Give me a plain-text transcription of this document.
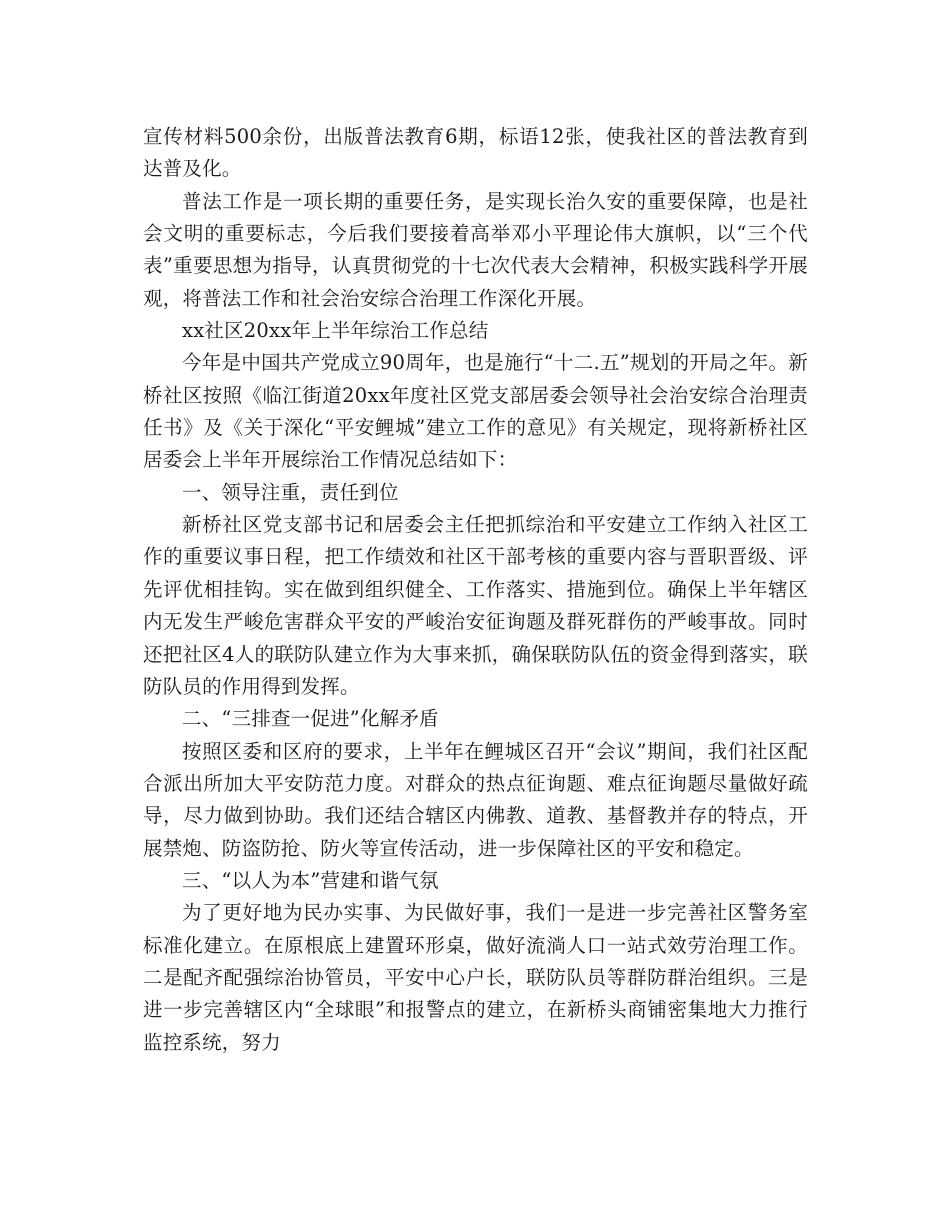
宣传材料500余份，出版普法教育6期，标语12张，使我社区的普法教育到达普及化。

普法工作是一项长期的重要任务，是实现长治久安的重要保障，也是社会文明的重要标志，今后我们要接着高举邓小平理论伟大旗帜，以“三个代表”重要思想为指导，认真贯彻党的十七次代表大会精神，积极实践科学开展观，将普法工作和社会治安综合治理工作深化开展。

xx社区20xx年上半年综治工作总结

今年是中国共产党成立90周年，也是施行“十二.五”规划的开局之年。新桥社区按照《临江街道20xx年度社区党支部居委会领导社会治安综合治理责任书》及《关于深化“平安鲤城”建立工作的意见》有关规定，现将新桥社区居委会上半年开展综治工作情况总结如下：

一、领导注重，责任到位

新桥社区党支部书记和居委会主任把抓综治和平安建立工作纳入社区工作的重要议事日程，把工作绩效和社区干部考核的重要内容与晋职晋级、评先评优相挂钩。实在做到组织健全、工作落实、措施到位。确保上半年辖区内无发生严峻危害群众平安的严峻治安征询题及群死群伤的严峻事故。同时还把社区4人的联防队建立作为大事来抓，确保联防队伍的资金得到落实，联防队员的作用得到发挥。

二、“三排查一促进”化解矛盾

按照区委和区府的要求，上半年在鲤城区召开“会议”期间，我们社区配合派出所加大平安防范力度。对群众的热点征询题、难点征询题尽量做好疏导，尽力做到协助。我们还结合辖区内佛教、道教、基督教并存的特点，开展禁炮、防盗防抢、防火等宣传活动，进一步保障社区的平安和稳定。

三、“以人为本”营建和谐气氛

为了更好地为民办实事、为民做好事，我们一是进一步完善社区警务室标准化建立。在原根底上建置环形桌，做好流淌人口一站式效劳治理工作。二是配齐配强综治协管员，平安中心户长，联防队员等群防群治组织。三是进一步完善辖区内“全球眼”和报警点的建立，在新桥头商铺密集地大力推行监控系统，努力
